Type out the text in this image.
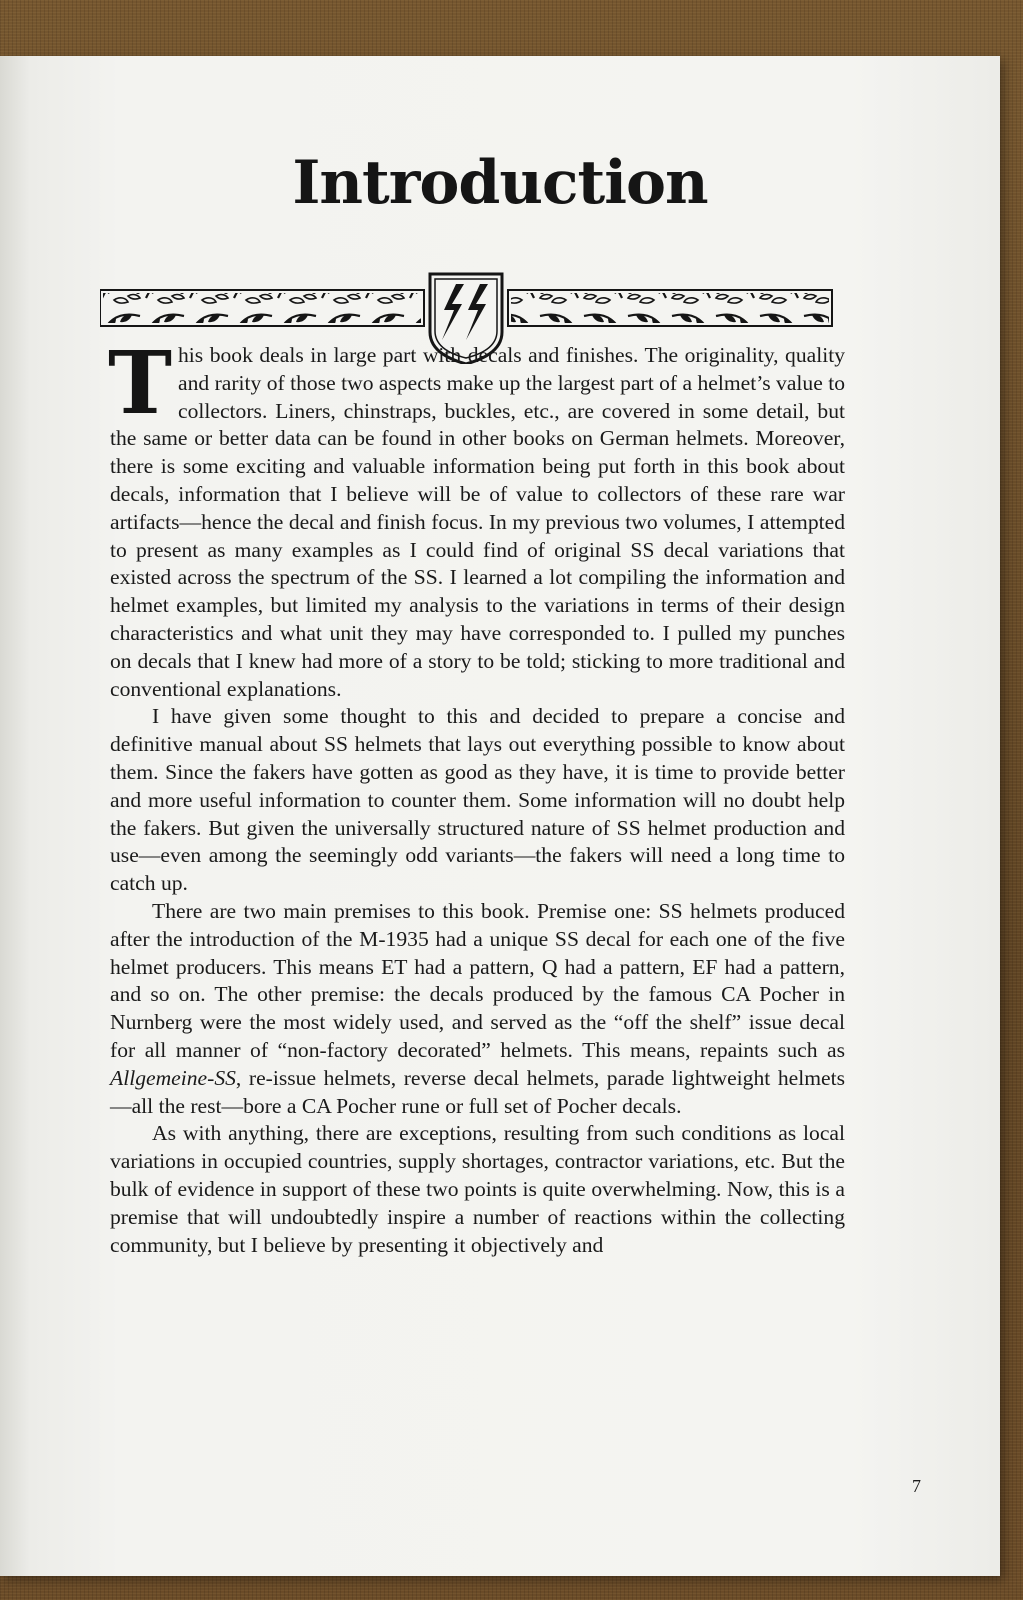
Introduction

This book deals in large part with decals and finishes. The originality, quality and rarity of those two aspects make up the largest part of a helmet’s value to collectors. Liners, chinstraps, buckles, etc., are covered in some detail, but the same or better data can be found in other books on German helmets. Moreover, there is some exciting and valuable information being put forth in this book about decals, information that I believe will be of value to collectors of these rare war artifacts—hence the decal and finish focus. In my previous two volumes, I attempted to present as many examples as I could find of original SS decal variations that existed across the spectrum of the SS. I learned a lot compiling the information and helmet examples, but limited my analysis to the variations in terms of their design characteristics and what unit they may have corresponded to. I pulled my punches on decals that I knew had more of a story to be told; sticking to more traditional and conventional explanations.

I have given some thought to this and decided to prepare a concise and definitive manual about SS helmets that lays out everything possible to know about them. Since the fakers have gotten as good as they have, it is time to provide better and more useful information to counter them. Some information will no doubt help the fakers. But given the universally structured nature of SS helmet production and use—even among the seemingly odd variants—the fakers will need a long time to catch up.

There are two main premises to this book. Premise one: SS helmets produced after the introduction of the M-1935 had a unique SS decal for each one of the five helmet producers. This means ET had a pattern, Q had a pattern, EF had a pattern, and so on. The other premise: the decals produced by the famous CA Pocher in Nurnberg were the most widely used, and served as the “off the shelf” issue decal for all manner of “non-factory decorated” helmets. This means, repaints such as Allgemeine-SS, re-issue helmets, reverse decal helmets, parade lightweight helmets—all the rest—bore a CA Pocher rune or full set of Pocher decals.

As with anything, there are exceptions, resulting from such conditions as local variations in occupied countries, supply shortages, contractor variations, etc. But the bulk of evidence in support of these two points is quite overwhelming. Now, this is a premise that will undoubtedly inspire a number of reactions within the collecting community, but I believe by presenting it objectively and

7
